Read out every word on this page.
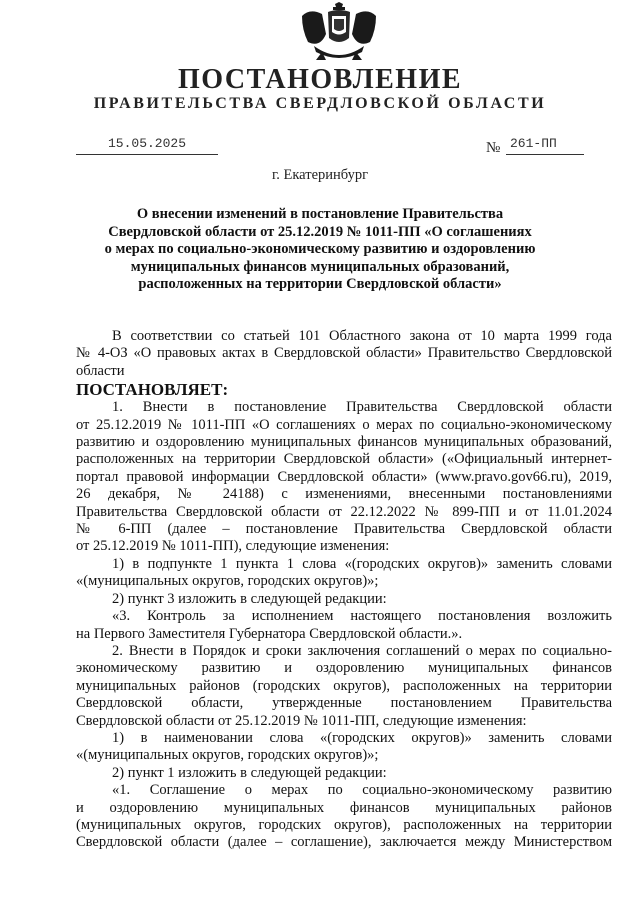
ПОСТАНОВЛЕНИЕ
ПРАВИТЕЛЬСТВА СВЕРДЛОВСКОЙ ОБЛАСТИ
15.05.2025	№ 261-ПП
г. Екатеринбург
О внесении изменений в постановление Правительства
Свердловской области от 25.12.2019 № 1011-ПП «О соглашениях
о мерах по социально-экономическому развитию и оздоровлению
муниципальных финансов муниципальных образований,
расположенных на территории Свердловской области»
В соответствии со статьей 101 Областного закона от 10 марта 1999 года
№ 4-ОЗ «О правовых актах в Свердловской области» Правительство Свердловской
области
ПОСТАНОВЛЯЕТ:
1. Внести в постановление Правительства Свердловской области
от 25.12.2019 № 1011-ПП «О соглашениях о мерах по социально-экономическому
развитию и оздоровлению муниципальных финансов муниципальных образований,
расположенных на территории Свердловской области» («Официальный интернет-
портал правовой информации Свердловской области» (www.pravo.gov66.ru), 2019,
26 декабря, № 24188) с изменениями, внесенными постановлениями
Правительства Свердловской области от 22.12.2022 № 899-ПП и от 11.01.2024
№ 6-ПП (далее – постановление Правительства Свердловской области
от 25.12.2019 № 1011-ПП), следующие изменения:
1) в подпункте 1 пункта 1 слова «(городских округов)» заменить словами
«(муниципальных округов, городских округов)»;
2) пункт 3 изложить в следующей редакции:
«3. Контроль за исполнением настоящего постановления возложить
на Первого Заместителя Губернатора Свердловской области.».
2. Внести в Порядок и сроки заключения соглашений о мерах по социально-
экономическому развитию и оздоровлению муниципальных финансов
муниципальных районов (городских округов), расположенных на территории
Свердловской области, утвержденные постановлением Правительства
Свердловской области от 25.12.2019 № 1011-ПП, следующие изменения:
1) в наименовании слова «(городских округов)» заменить словами
«(муниципальных округов, городских округов)»;
2) пункт 1 изложить в следующей редакции:
«1. Соглашение о мерах по социально-экономическому развитию
и оздоровлению муниципальных финансов муниципальных районов
(муниципальных округов, городских округов), расположенных на территории
Свердловской области (далее – соглашение), заключается между Министерством
